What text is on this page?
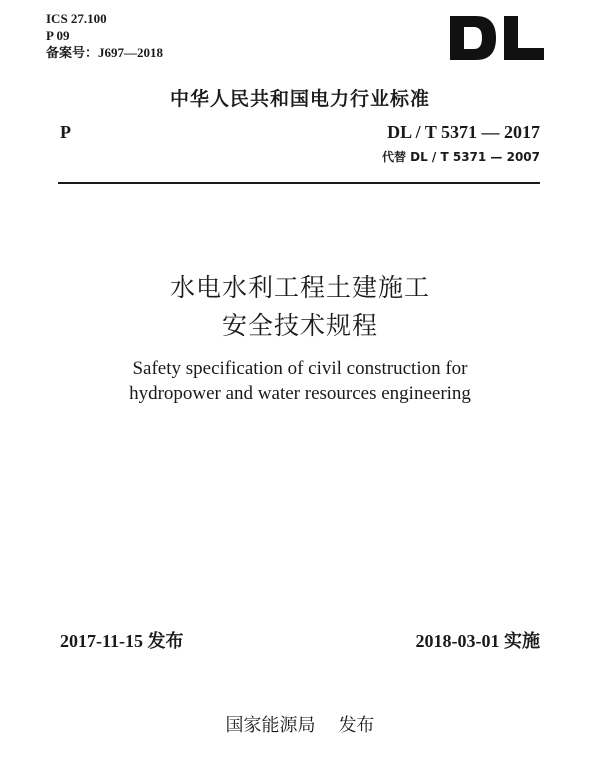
ICS 27.100
P 09
备案号：J697—2018
中华人民共和国电力行业标准
P	DL / T 5371 — 2017
代替 DL / T 5371 — 2007
水电水利工程土建施工
安全技术规程
Safety specification of civil construction for
hydropower and water resources engineering
2017-11-15 发布	2018-03-01 实施
国家能源局 发布
